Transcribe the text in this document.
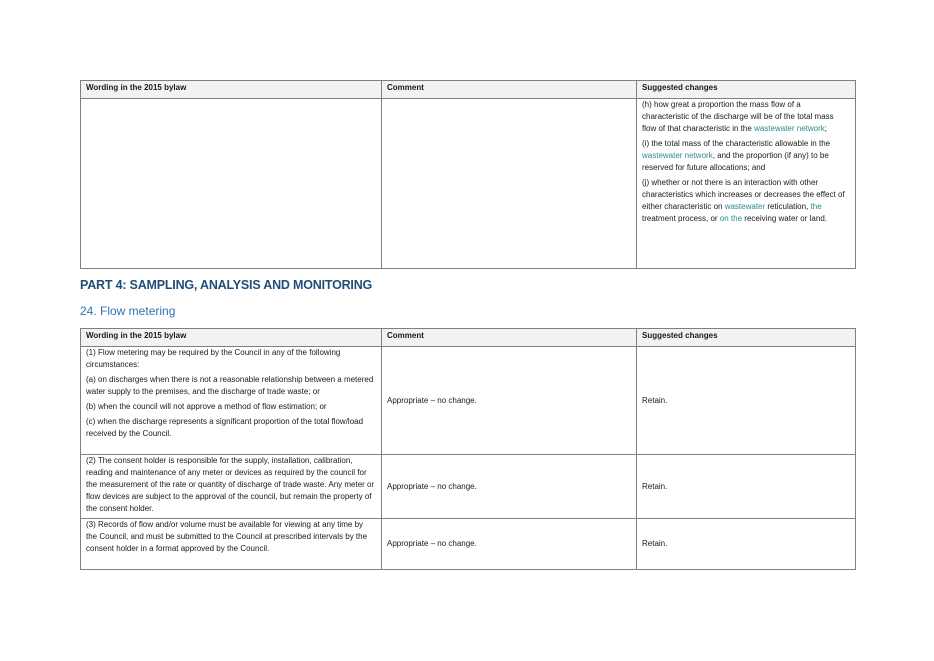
Wording in the 2015 bylaw	Comment	Suggested changes

		(h) how great a proportion the mass flow of a characteristic of the discharge will be of the total mass flow of that characteristic in the wastewater network;

(i) the total mass of the characteristic allowable in the wastewater network, and the proportion (if any) to be reserved for future allocations; and

(j) whether or not there is an interaction with other characteristics which increases or decreases the effect of either characteristic on wastewater reticulation, the treatment process, or on the receiving water or land.

PART 4: SAMPLING, ANALYSIS AND MONITORING
24. Flow metering
Wording in the 2015 bylaw	Comment	Suggested changes

(1) Flow metering may be required by the Council in any of the following circumstances:

(a) on discharges when there is not a reasonable relationship between a metered water supply to the premises, and the discharge of trade waste; or

(b) when the council will not approve a method of flow estimation; or

(c) when the discharge represents a significant proportion of the total flow/load received by the Council.	Appropriate – no change.	Retain.

(2) The consent holder is responsible for the supply, installation, calibration, reading and maintenance of any meter or devices as required by the council for the measurement of the rate or quantity of discharge of trade waste. Any meter or flow devices are subject to the approval of the council, but remain the property of the consent holder.	Appropriate – no change.	Retain.

(3) Records of flow and/or volume must be available for viewing at any time by the Council, and must be submitted to the Council at prescribed intervals by the consent holder in a format approved by the Council.	Appropriate – no change.	Retain.
